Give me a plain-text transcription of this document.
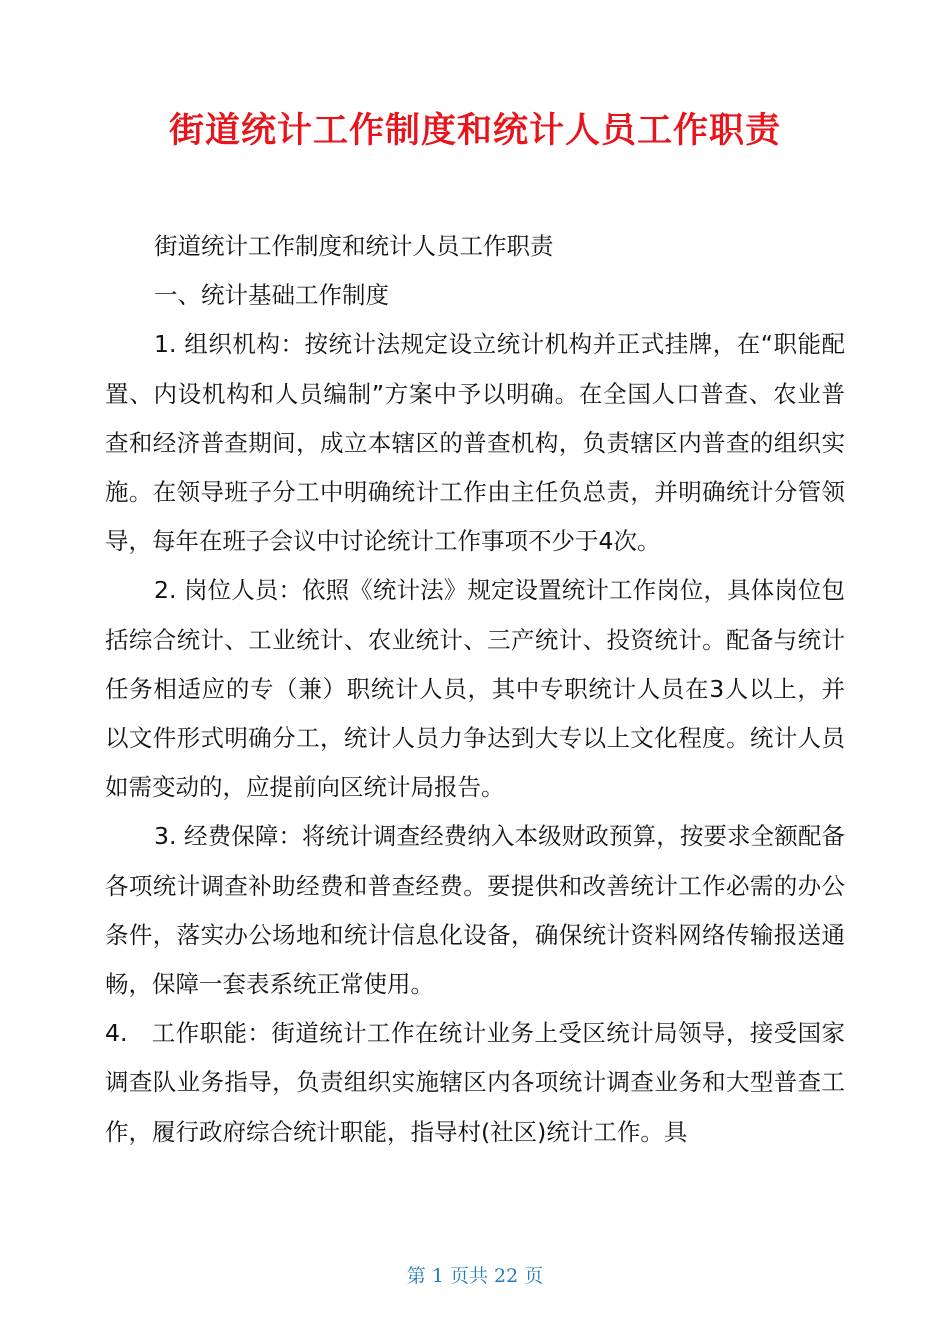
街道统计工作制度和统计人员工作职责

街道统计工作制度和统计人员工作职责

一、统计基础工作制度

1. 组织机构：按统计法规定设立统计机构并正式挂牌，在“职能配置、内设机构和人员编制”方案中予以明确。在全国人口普查、农业普查和经济普查期间，成立本辖区的普查机构，负责辖区内普查的组织实施。在领导班子分工中明确统计工作由主任负总责，并明确统计分管领导，每年在班子会议中讨论统计工作事项不少于4次。

2. 岗位人员：依照《统计法》规定设置统计工作岗位，具体岗位包括综合统计、工业统计、农业统计、三产统计、投资统计。配备与统计任务相适应的专（兼）职统计人员，其中专职统计人员在3人以上，并以文件形式明确分工，统计人员力争达到大专以上文化程度。统计人员如需变动的，应提前向区统计局报告。

3. 经费保障：将统计调查经费纳入本级财政预算，按要求全额配备各项统计调查补助经费和普查经费。要提供和改善统计工作必需的办公条件，落实办公场地和统计信息化设备，确保统计资料网络传输报送通畅，保障一套表系统正常使用。

4.　工作职能：街道统计工作在统计业务上受区统计局领导，接受国家调查队业务指导，负责组织实施辖区内各项统计调查业务和大型普查工作，履行政府综合统计职能，指导村(社区)统计工作。具

第 1 页共 22 页
